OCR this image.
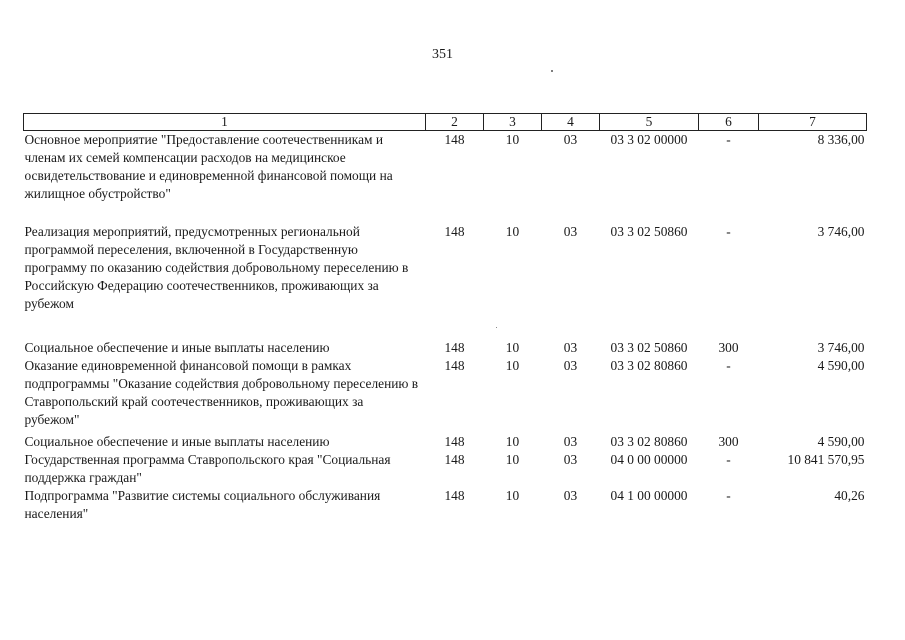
351
1	2	3	4	5	6	7
Основное мероприятие "Предоставление соотечественникам и членам их семей компенсации расходов на медицинское освидетельствование и единовременной финансовой помощи на жилищное обустройство"	148	10	03	03 3 02 00000	-	8 336,00
Реализация мероприятий, предусмотренных региональной программой переселения, включенной в Государственную программу по оказанию содействия добровольному переселению в Российскую Федерацию соотечественников, проживающих за рубежом	148	10	03	03 3 02 50860	-	3 746,00
Социальное обеспечение и иные выплаты населению	148	10	03	03 3 02 50860	300	3 746,00
Оказание единовременной финансовой помощи в рамках подпрограммы "Оказание содействия добровольному переселению в Ставропольский край соотечественников, проживающих за рубежом"	148	10	03	03 3 02 80860	-	4 590,00
Социальное обеспечение и иные выплаты населению	148	10	03	03 3 02 80860	300	4 590,00
Государственная программа Ставропольского края "Социальная поддержка граждан"	148	10	03	04 0 00 00000	-	10 841 570,95
Подпрограмма "Развитие системы социального обслуживания населения"	148	10	03	04 1 00 00000	-	40,26
